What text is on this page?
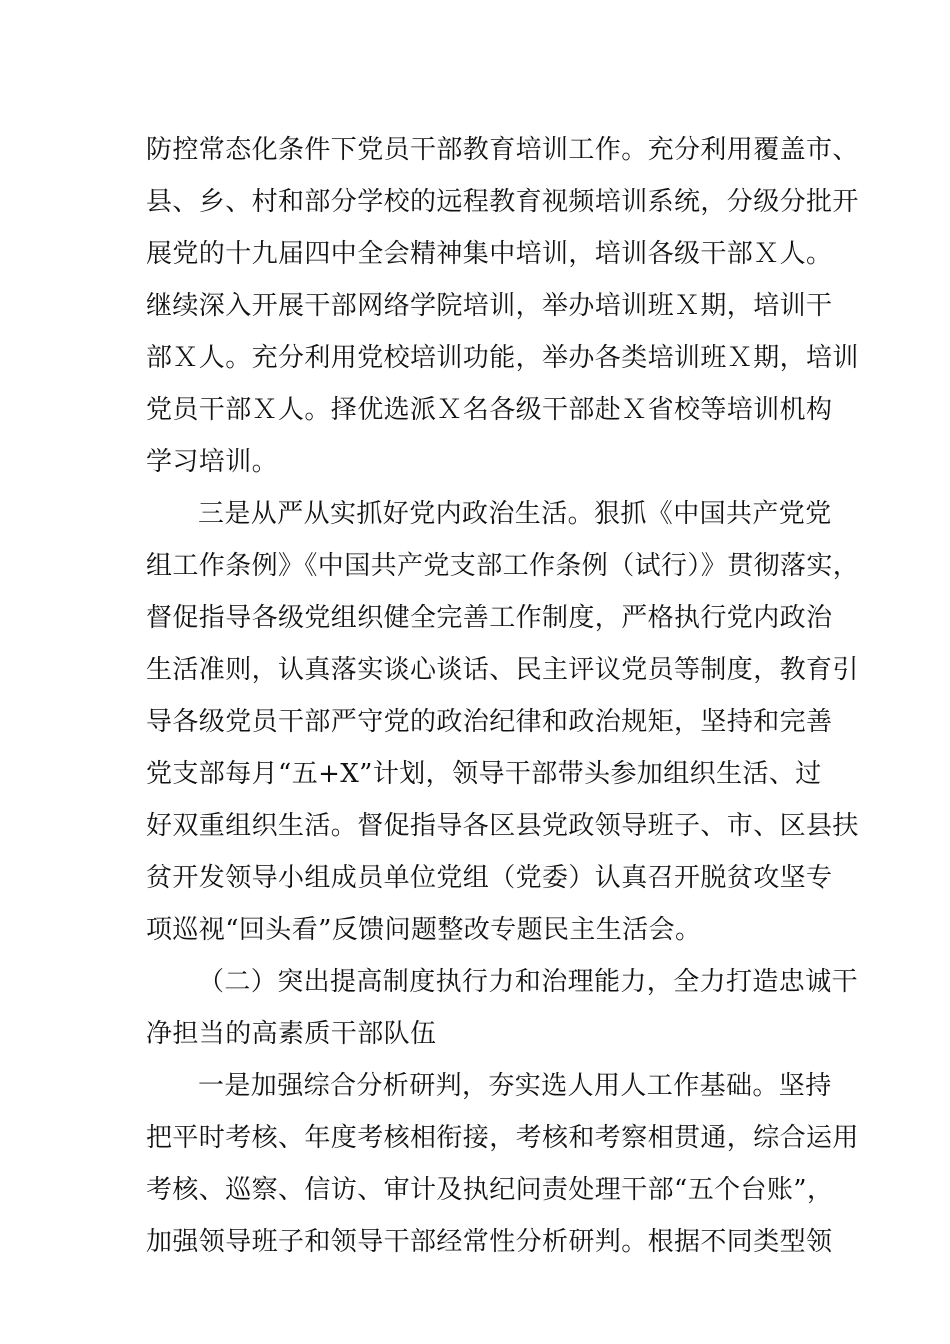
防控常态化条件下党员干部教育培训工作。充分利用覆盖市、
县、乡、村和部分学校的远程教育视频培训系统，分级分批开
展党的十九届四中全会精神集中培训，培训各级干部Ｘ人。
继续深入开展干部网络学院培训，举办培训班Ｘ期，培训干
部Ｘ人。充分利用党校培训功能，举办各类培训班Ｘ期，培训
党员干部Ｘ人。择优选派Ｘ名各级干部赴Ｘ省校等培训机构
学习培训。
三是从严从实抓好党内政治生活。狠抓《中国共产党党
组工作条例》《中国共产党支部工作条例（试行）》贯彻落实，
督促指导各级党组织健全完善工作制度，严格执行党内政治
生活准则，认真落实谈心谈话、民主评议党员等制度，教育引
导各级党员干部严守党的政治纪律和政治规矩，坚持和完善
党支部每月“五+X”计划，领导干部带头参加组织生活、过
好双重组织生活。督促指导各区县党政领导班子、市、区县扶
贫开发领导小组成员单位党组（党委）认真召开脱贫攻坚专
项巡视“回头看”反馈问题整改专题民主生活会。
（二）突出提高制度执行力和治理能力，全力打造忠诚干
净担当的高素质干部队伍
一是加强综合分析研判，夯实选人用人工作基础。坚持
把平时考核、年度考核相衔接，考核和考察相贯通，综合运用
考核、巡察、信访、审计及执纪问责处理干部“五个台账”，
加强领导班子和领导干部经常性分析研判。根据不同类型领
